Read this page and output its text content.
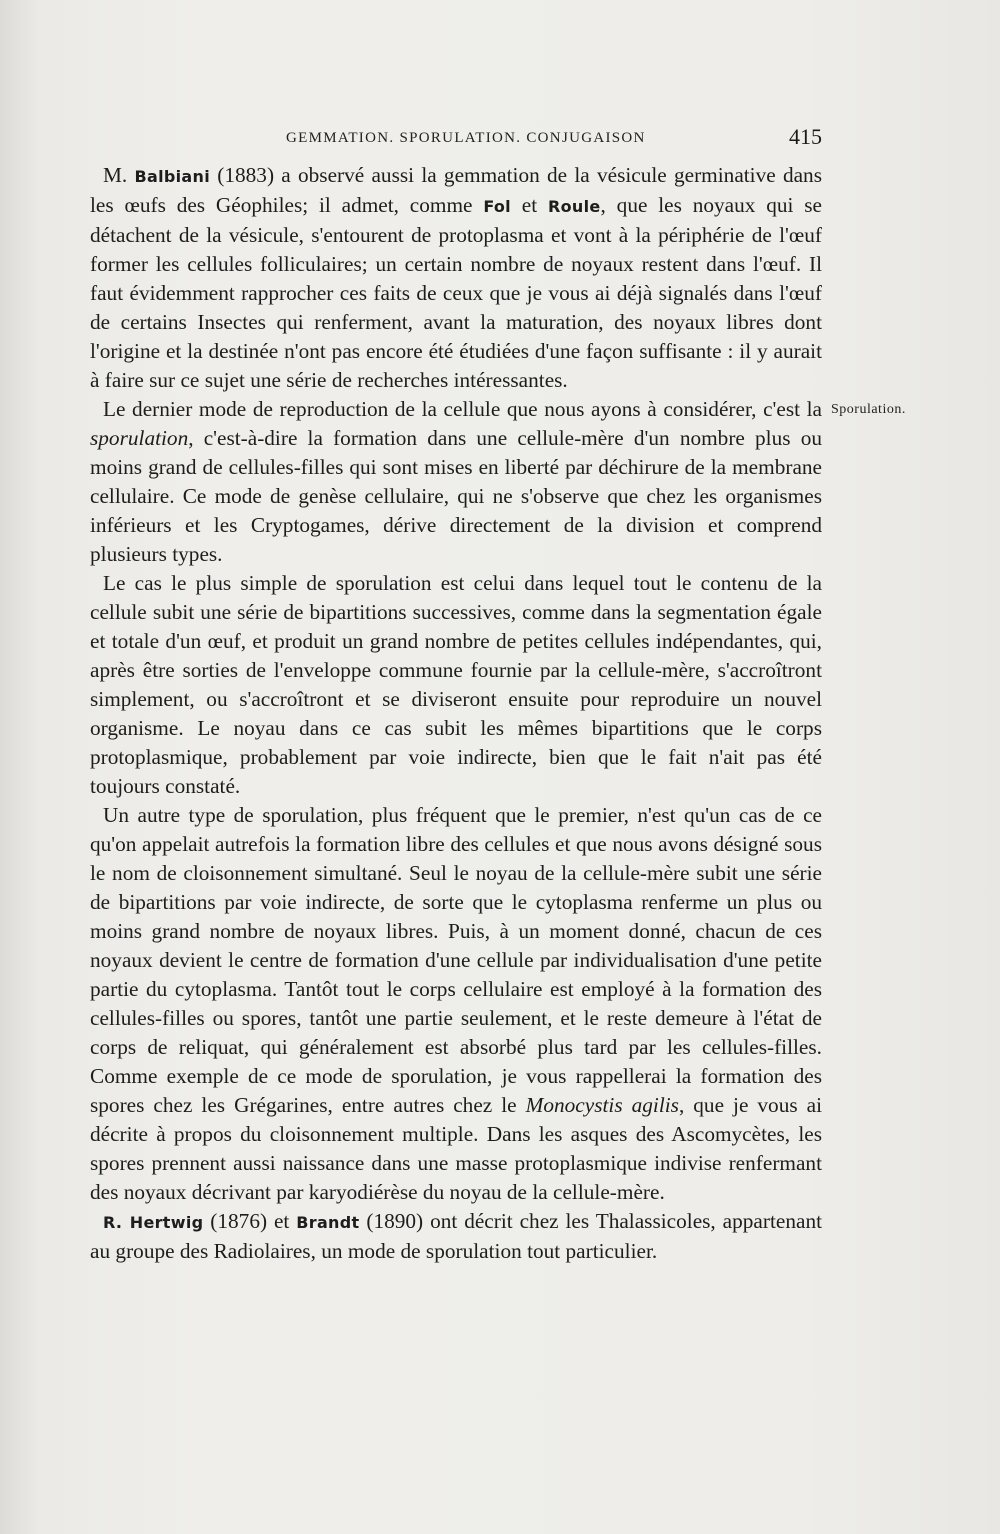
GEMMATION. SPORULATION. CONJUGAISON	415

M. Balbiani (1883) a observé aussi la gemmation de la vésicule germinative dans les œufs des Géophiles; il admet, comme Fol et Roule, que les noyaux qui se détachent de la vésicule, s'entourent de protoplasma et vont à la périphérie de l'œuf former les cellules folliculaires; un certain nombre de noyaux restent dans l'œuf. Il faut évidemment rapprocher ces faits de ceux que je vous ai déjà signalés dans l'œuf de certains Insectes qui renferment, avant la maturation, des noyaux libres dont l'origine et la destinée n'ont pas encore été étudiées d'une façon suffisante : il y aurait à faire sur ce sujet une série de recherches intéressantes.

Sporulation.
Le dernier mode de reproduction de la cellule que nous ayons à considérer, c'est la sporulation, c'est-à-dire la formation dans une cellule-mère d'un nombre plus ou moins grand de cellules-filles qui sont mises en liberté par déchirure de la membrane cellulaire. Ce mode de genèse cellulaire, qui ne s'observe que chez les organismes inférieurs et les Cryptogames, dérive directement de la division et comprend plusieurs types.

Le cas le plus simple de sporulation est celui dans lequel tout le contenu de la cellule subit une série de bipartitions successives, comme dans la segmentation égale et totale d'un œuf, et produit un grand nombre de petites cellules indépendantes, qui, après être sorties de l'enveloppe commune fournie par la cellule-mère, s'accroîtront simplement, ou s'accroîtront et se diviseront ensuite pour reproduire un nouvel organisme. Le noyau dans ce cas subit les mêmes bipartitions que le corps protoplasmique, probablement par voie indirecte, bien que le fait n'ait pas été toujours constaté.

Un autre type de sporulation, plus fréquent que le premier, n'est qu'un cas de ce qu'on appelait autrefois la formation libre des cellules et que nous avons désigné sous le nom de cloisonnement simultané. Seul le noyau de la cellule-mère subit une série de bipartitions par voie indirecte, de sorte que le cytoplasma renferme un plus ou moins grand nombre de noyaux libres. Puis, à un moment donné, chacun de ces noyaux devient le centre de formation d'une cellule par individualisation d'une petite partie du cytoplasma. Tantôt tout le corps cellulaire est employé à la formation des cellules-filles ou spores, tantôt une partie seulement, et le reste demeure à l'état de corps de reliquat, qui généralement est absorbé plus tard par les cellules-filles. Comme exemple de ce mode de sporulation, je vous rappellerai la formation des spores chez les Grégarines, entre autres chez le Monocystis agilis, que je vous ai décrite à propos du cloisonnement multiple. Dans les asques des Ascomycètes, les spores prennent aussi naissance dans une masse protoplasmique indivise renfermant des noyaux décrivant par karyodiérèse du noyau de la cellule-mère.

R. Hertwig (1876) et Brandt (1890) ont décrit chez les Thalassicoles, appartenant au groupe des Radiolaires, un mode de sporulation tout particulier.
